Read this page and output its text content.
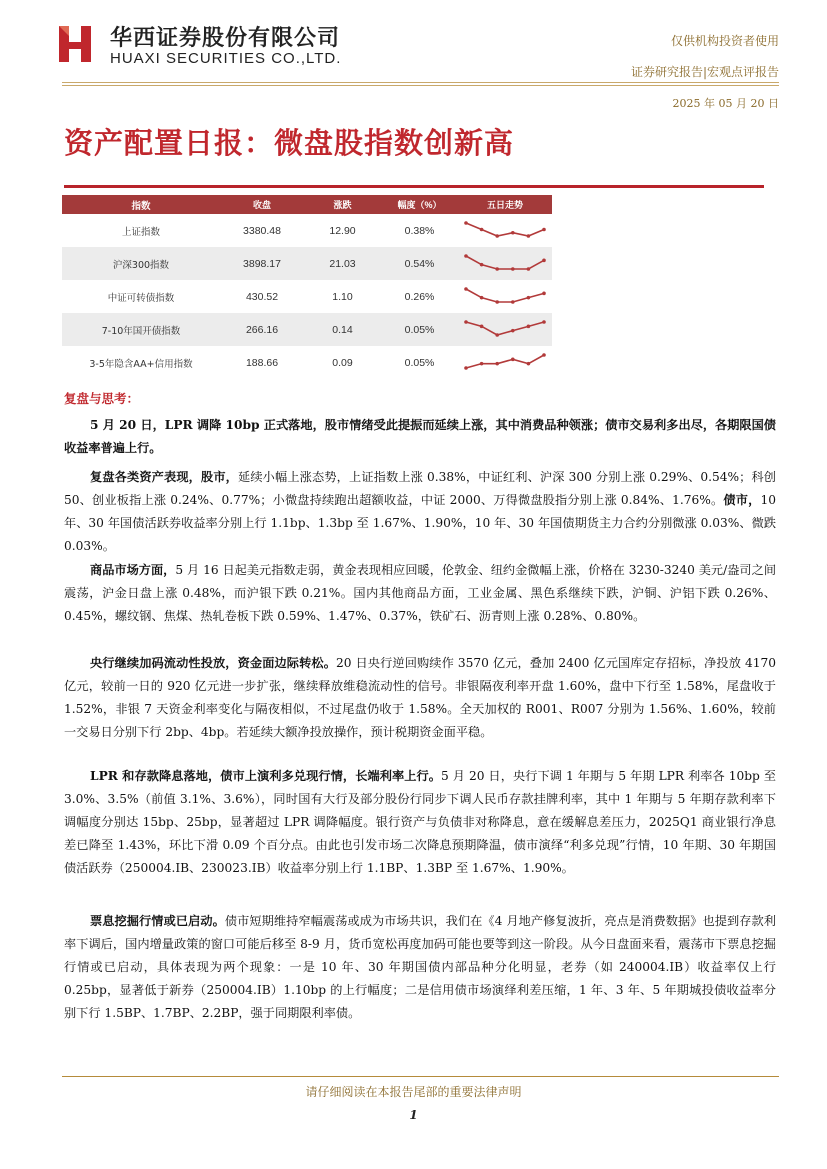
华西证券股份有限公司
HUAXI SECURITIES CO.,LTD.
仅供机构投资者使用
证券研究报告|宏观点评报告
2025 年 05 月 20 日
资产配置日报：微盘股指数创新高
指数	收盘	涨跌	幅度（%）	五日走势
上证指数	3380.48	12.90	0.38%
沪深300指数	3898.17	21.03	0.54%
中证可转债指数	430.52	1.10	0.26%
7-10年国开债指数	266.16	0.14	0.05%
3-5年隐含AA+信用指数	188.66	0.09	0.05%
复盘与思考：
5 月 20 日，LPR 调降 10bp 正式落地，股市情绪受此提振而延续上涨，其中消费品种领涨；债市交易利多出尽，各期限国债收益率普遍上行。
复盘各类资产表现，股市，延续小幅上涨态势，上证指数上涨 0.38%，中证红利、沪深 300 分别上涨 0.29%、0.54%；科创 50、创业板指上涨 0.24%、0.77%；小微盘持续跑出超额收益，中证 2000、万得微盘股指分别上涨 0.84%、1.76%。债市，10 年、30 年国债活跃券收益率分别上行 1.1bp、1.3bp 至 1.67%、1.90%，10 年、30 年国债期货主力合约分别微涨 0.03%、微跌 0.03%。
商品市场方面，5 月 16 日起美元指数走弱，黄金表现相应回暖，伦敦金、纽约金微幅上涨，价格在 3230-3240 美元/盎司之间震荡，沪金日盘上涨 0.48%，而沪银下跌 0.21%。国内其他商品方面，工业金属、黑色系继续下跌，沪铜、沪铝下跌 0.26%、0.45%，螺纹钢、焦煤、热轧卷板下跌 0.59%、1.47%、0.37%，铁矿石、沥青则上涨 0.28%、0.80%。
央行继续加码流动性投放，资金面边际转松。20 日央行逆回购续作 3570 亿元，叠加 2400 亿元国库定存招标，净投放 4170 亿元，较前一日的 920 亿元进一步扩张，继续释放维稳流动性的信号。非银隔夜利率开盘 1.60%，盘中下行至 1.58%，尾盘收于 1.52%，非银 7 天资金利率变化与隔夜相似，不过尾盘仍收于 1.58%。全天加权的 R001、R007 分别为 1.56%、1.60%，较前一交易日分别下行 2bp、4bp。若延续大额净投放操作，预计税期资金面平稳。
LPR 和存款降息落地，债市上演利多兑现行情，长端利率上行。5 月 20 日，央行下调 1 年期与 5 年期 LPR 利率各 10bp 至 3.0%、3.5%（前值 3.1%、3.6%），同时国有大行及部分股份行同步下调人民币存款挂牌利率，其中 1 年期与 5 年期存款利率下调幅度分别达 15bp、25bp，显著超过 LPR 调降幅度。银行资产与负债非对称降息，意在缓解息差压力，2025Q1 商业银行净息差已降至 1.43%，环比下滑 0.09 个百分点。由此也引发市场二次降息预期降温，债市演绎“利多兑现”行情，10 年期、30 年期国债活跃券（250004.IB、230023.IB）收益率分别上行 1.1BP、1.3BP 至 1.67%、1.90%。
票息挖掘行情或已启动。债市短期维持窄幅震荡或成为市场共识，我们在《4 月地产修复波折，亮点是消费数据》也提到存款利率下调后，国内增量政策的窗口可能后移至 8-9 月，货币宽松再度加码可能也要等到这一阶段。从今日盘面来看，震荡市下票息挖掘行情或已启动，具体表现为两个现象：一是 10 年、30 年期国债内部品种分化明显，老券（如 240004.IB）收益率仅上行 0.25bp，显著低于新券（250004.IB）1.10bp 的上行幅度；二是信用债市场演绎利差压缩，1 年、3 年、5 年期城投债收益率分别下行 1.5BP、1.7BP、2.2BP，强于同期限利率债。
请仔细阅读在本报告尾部的重要法律声明
1
